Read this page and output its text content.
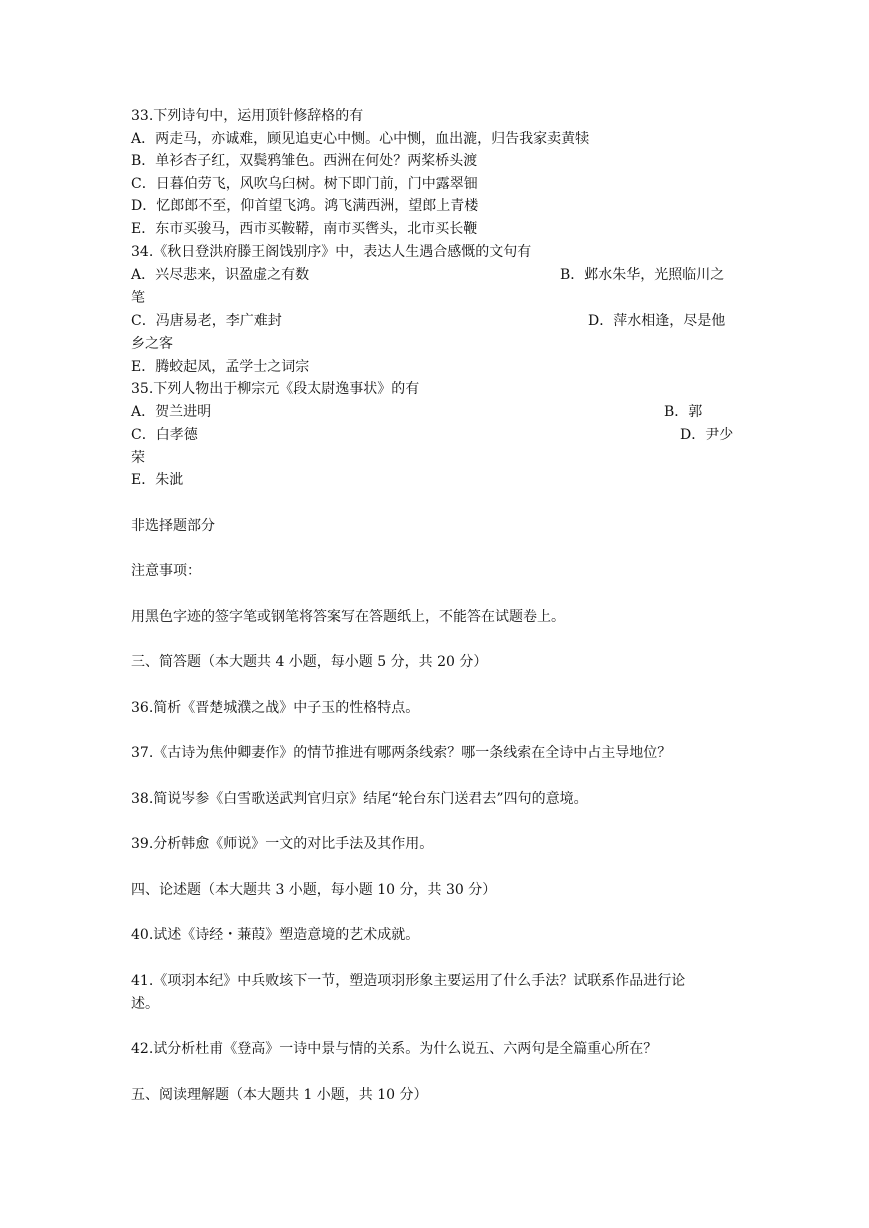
33.下列诗句中，运用顶针修辞格的有
A．两走马，亦诚难，顾见追吏心中恻。心中恻，血出漉，归告我家卖黄犊
B．单衫杏子红，双鬓鸦雏色。西洲在何处？两桨桥头渡
C．日暮伯劳飞，风吹乌臼树。树下即门前，门中露翠钿
D．忆郎郎不至，仰首望飞鸿。鸿飞满西洲，望郎上青楼
E．东市买骏马，西市买鞍鞯，南市买辔头，北市买长鞭
34.《秋日登洪府滕王阁饯别序》中，表达人生遇合感慨的文句有
A．兴尽悲来，识盈虚之有数	B．邺水朱华，光照临川之
笔
C．冯唐易老，李广难封	D．萍水相逢，尽是他
乡之客
E．腾蛟起凤，孟学士之词宗
35.下列人物出于柳宗元《段太尉逸事状》的有
A．贺兰进明	B．郭
C．白孝德	D．尹少
荣
E．朱泚
非选择题部分
注意事项：
用黑色字迹的签字笔或钢笔将答案写在答题纸上，不能答在试题卷上。
三、简答题（本大题共 4 小题，每小题 5 分，共 20 分）
36.简析《晋楚城濮之战》中子玉的性格特点。
37.《古诗为焦仲卿妻作》的情节推进有哪两条线索？哪一条线索在全诗中占主导地位？
38.简说岑参《白雪歌送武判官归京》结尾“轮台东门送君去”四句的意境。
39.分析韩愈《师说》一文的对比手法及其作用。
四、论述题（本大题共 3 小题，每小题 10 分，共 30 分）
40.试述《诗经・蒹葭》塑造意境的艺术成就。
41.《项羽本纪》中兵败垓下一节，塑造项羽形象主要运用了什么手法？试联系作品进行论
述。
42.试分析杜甫《登高》一诗中景与情的关系。为什么说五、六两句是全篇重心所在？
五、阅读理解题（本大题共 1 小题，共 10 分）
